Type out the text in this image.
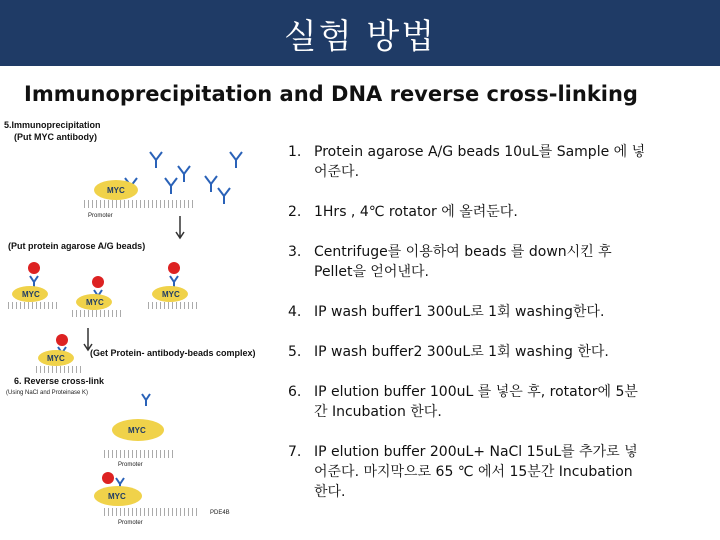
실험 방법
Immunoprecipitation and DNA reverse cross-linking
5.Immunoprecipitation
(Put MYC antibody)
MYC
Promoter
(Put protein agarose A/G beads)
MYC
MYC
MYC
MYC
(Get Protein- antibody-beads complex)
6. Reverse cross-link
(Using NaCl and Proteinase K)
MYC
Promoter
MYC
PDE4B
Promoter
1. Protein agarose A/G beads 10uL를 Sample 에 넣
어준다.
2. 1Hrs , 4℃ rotator 에 올려둔다.
3. Centrifuge를 이용하여 beads 를 down시킨 후
Pellet을 얻어낸다.
4. IP wash buffer1 300uL로 1회 washing한다.
5. IP wash buffer2 300uL로 1회 washing 한다.
6. IP elution buffer 100uL 를 넣은 후, rotator에 5분
간 Incubation 한다.
7. IP elution buffer 200uL+ NaCl 15uL를 추가로 넣
어준다. 마지막으로 65 ℃ 에서 15분간 Incubation
한다.
